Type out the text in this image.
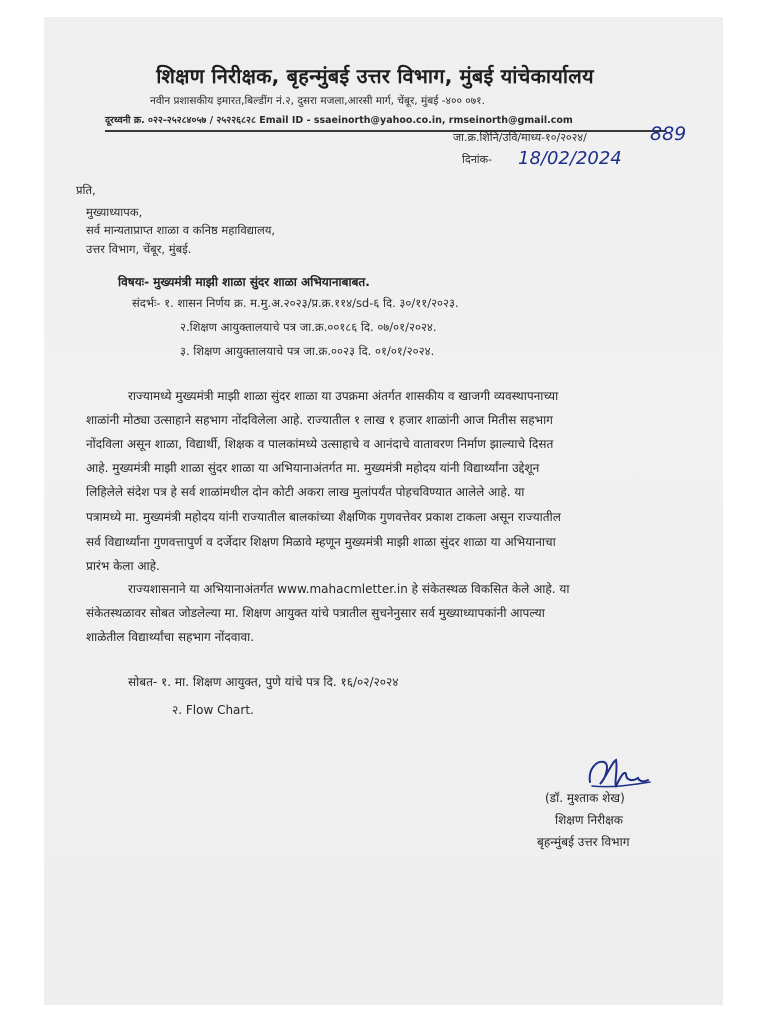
शिक्षण निरीक्षक, बृहन्मुंबई उत्तर विभाग, मुंबई यांचेकार्यालय
नवीन प्रशासकीय इमारत,बिल्डींग नं.२, दुसरा मजला,आरसी मार्ग, चेंबूर, मुंबई -४०० ०७१.
दूरध्वनी क्र. ०२२-२५२८४०५७ / २५२२६८२८ Email ID - ssaeinorth@yahoo.co.in, rmseinorth@gmail.com
जा.क्र.शिनि/उवि/माध्य-१०/२०२४/	889
दिनांक- 18/02/2024
प्रति,
मुख्याध्यापक,
सर्व मान्यताप्राप्त शाळा व कनिष्ठ महाविद्यालय,
उत्तर विभाग, चेंबूर, मुंबई.
विषयः- मुख्यमंत्री माझी शाळा सुंदर शाळा अभियानाबाबत.
संदर्भः- १. शासन निर्णय क्र. म.मु.अ.२०२३/प्र.क्र.११४/sd-६ दि. ३०/११/२०२३.
२.शिक्षण आयुक्तालयाचे पत्र जा.क्र.००१८६ दि. ०७/०१/२०२४.
३. शिक्षण आयुक्तालयाचे पत्र जा.क्र.००२३ दि. ०१/०१/२०२४.
राज्यामध्ये मुख्यमंत्री माझी शाळा सुंदर शाळा या उपक्रमा अंतर्गत शासकीय व खाजगी व्यवस्थापनाच्या
शाळांनी मोठ्या उत्साहाने सहभाग नोंदविलेला आहे. राज्यातील १ लाख १ हजार शाळांनी आज मितीस सहभाग
नोंदविला असून शाळा, विद्यार्थी, शिक्षक व पालकांमध्ये उत्साहाचे व आनंदाचे वातावरण निर्माण झाल्याचे दिसत
आहे. मुख्यमंत्री माझी शाळा सुंदर शाळा या अभियानाअंतर्गत मा. मुख्यमंत्री महोदय यांनी विद्यार्थ्यांना उद्देशून
लिहिलेले संदेश पत्र हे सर्व शाळांमधील दोन कोटी अकरा लाख मुलांपर्यंत पोहचविण्यात आलेले आहे. या
पत्रामध्ये मा. मुख्यमंत्री महोदय यांनी राज्यातील बालकांच्या शैक्षणिक गुणवत्तेवर प्रकाश टाकला असून राज्यातील
सर्व विद्यार्थ्यांना गुणवत्तापुर्ण व दर्जेदार शिक्षण मिळावे म्हणून मुख्यमंत्री माझी शाळा सुंदर शाळा या अभियानाचा
प्रारंभ केला आहे.
राज्यशासनाने या अभियानाअंतर्गत www.mahacmletter.in हे संकेतस्थळ विकसित केले आहे. या
संकेतस्थळावर सोबत जोडलेल्या मा. शिक्षण आयुक्त यांचे पत्रातील सुचनेनुसार सर्व मुख्याध्यापकांनी आपल्या
शाळेतील विद्यार्थ्यांचा सहभाग नोंदवावा.
सोबत- १. मा. शिक्षण आयुक्त, पुणे यांचे पत्र दि. १६/०२/२०२४
२. Flow Chart.
(डॉ. मुश्ताक शेख)
शिक्षण निरीक्षक
बृहन्मुंबई उत्तर विभाग
